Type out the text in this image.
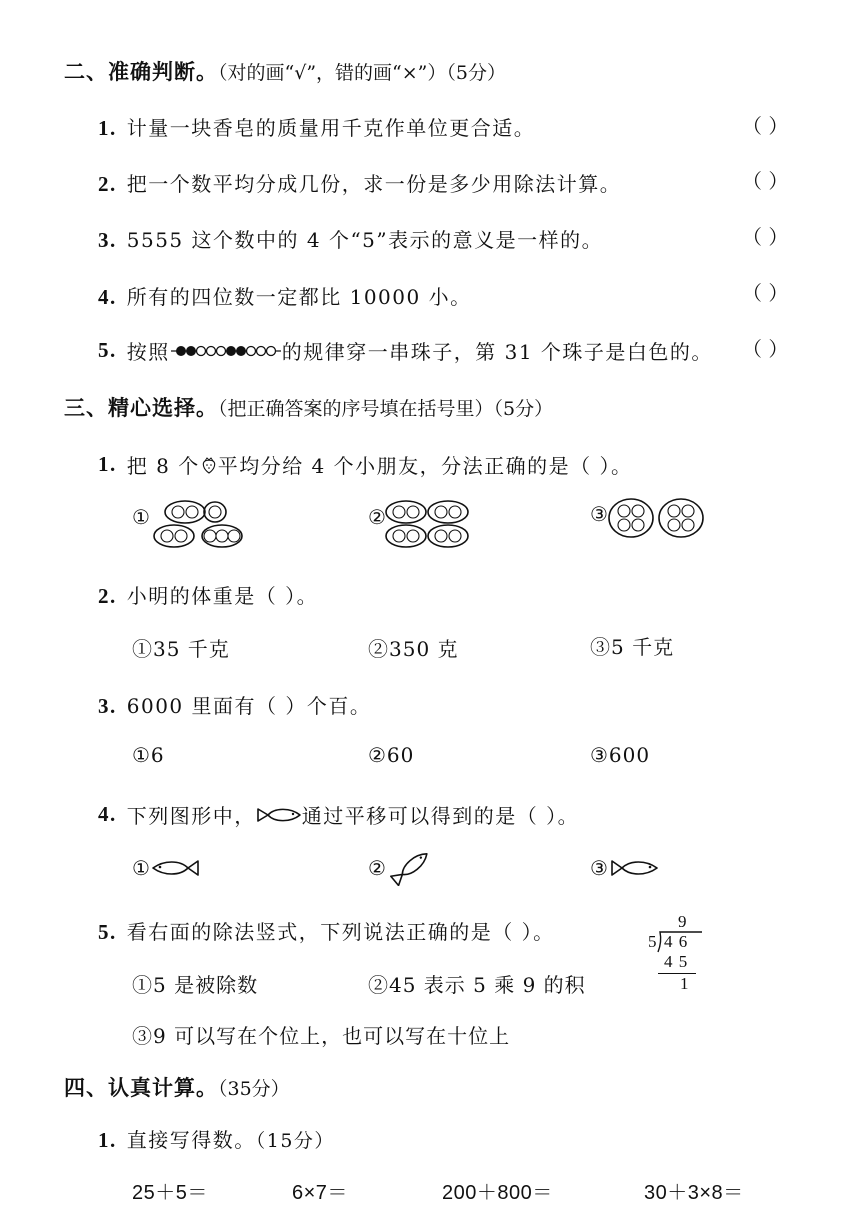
二、准确判断。（对的画“√”，错的画“×”）（5分）
1. 计量一块香皂的质量用千克作单位更合适。	（ ）
2. 把一个数平均分成几份，求一份是多少用除法计算。	（ ）
3. 5555 这个数中的 4 个“5”表示的意义是一样的。	（ ）
4. 所有的四位数一定都比 10000 小。	（ ）
5. 按照	的规律穿一串珠子，第 31 个珠子是白色的。 （ ）
三、精心选择。（把正确答案的序号填在括号里）（5分）
1. 把 8 个 平均分给 4 个小朋友，分法正确的是（ ）。
①	②	③
2. 小明的体重是（ ）。
①35 千克	②350 克	③5 千克
3. 6000 里面有（ ）个百。
①6	②60	③600
4. 下列图形中， 通过平移可以得到的是（ ）。
①	②	③
5. 看右面的除法竖式，下列说法正确的是（ ）。	9
5 4 6
4 5
1
①5 是被除数	②45 表示 5 乘 9 的积
③9 可以写在个位上，也可以写在十位上
四、认真计算。（35分）
1. 直接写得数。（15分）
25＋5＝	6×7＝	200＋800＝	30＋3×8＝
